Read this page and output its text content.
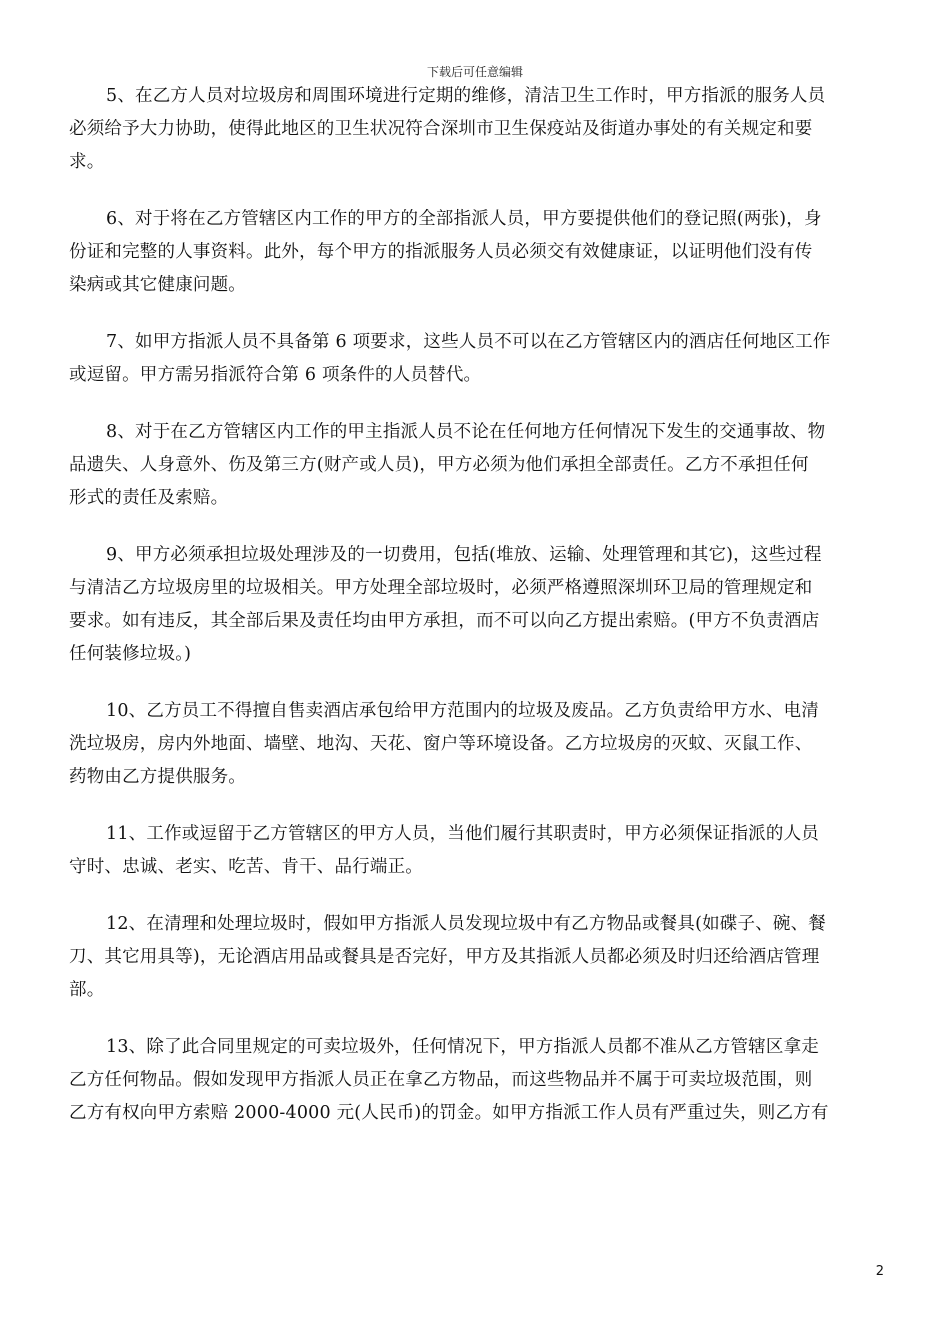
下载后可任意编辑
5、在乙方人员对垃圾房和周围环境进行定期的维修，清洁卫生工作时，甲方指派的服务人员
必须给予大力协助，使得此地区的卫生状况符合深圳市卫生保疫站及街道办事处的有关规定和要
求。
6、对于将在乙方管辖区内工作的甲方的全部指派人员，甲方要提供他们的登记照(两张)，身
份证和完整的人事资料。此外，每个甲方的指派服务人员必须交有效健康证，以证明他们没有传
染病或其它健康问题。
7、如甲方指派人员不具备第 6 项要求，这些人员不可以在乙方管辖区内的酒店任何地区工作
或逗留。甲方需另指派符合第 6 项条件的人员替代。
8、对于在乙方管辖区内工作的甲主指派人员不论在任何地方任何情况下发生的交通事故、物
品遗失、人身意外、伤及第三方(财产或人员)，甲方必须为他们承担全部责任。乙方不承担任何
形式的责任及索赔。
9、甲方必须承担垃圾处理涉及的一切费用，包括(堆放、运输、处理管理和其它)，这些过程
与清洁乙方垃圾房里的垃圾相关。甲方处理全部垃圾时，必须严格遵照深圳环卫局的管理规定和
要求。如有违反，其全部后果及责任均由甲方承担，而不可以向乙方提出索赔。(甲方不负责酒店
任何装修垃圾。)
10、乙方员工不得擅自售卖酒店承包给甲方范围内的垃圾及废品。乙方负责给甲方水、电清
洗垃圾房，房内外地面、墙壁、地沟、天花、窗户等环境设备。乙方垃圾房的灭蚊、灭鼠工作、
药物由乙方提供服务。
11、工作或逗留于乙方管辖区的甲方人员，当他们履行其职责时，甲方必须保证指派的人员
守时、忠诚、老实、吃苦、肯干、品行端正。
12、在清理和处理垃圾时，假如甲方指派人员发现垃圾中有乙方物品或餐具(如碟子、碗、餐
刀、其它用具等)，无论酒店用品或餐具是否完好，甲方及其指派人员都必须及时归还给酒店管理
部。
13、除了此合同里规定的可卖垃圾外，任何情况下，甲方指派人员都不准从乙方管辖区拿走
乙方任何物品。假如发现甲方指派人员正在拿乙方物品，而这些物品并不属于可卖垃圾范围，则
乙方有权向甲方索赔 2000-4000 元(人民币)的罚金。如甲方指派工作人员有严重过失，则乙方有
2
